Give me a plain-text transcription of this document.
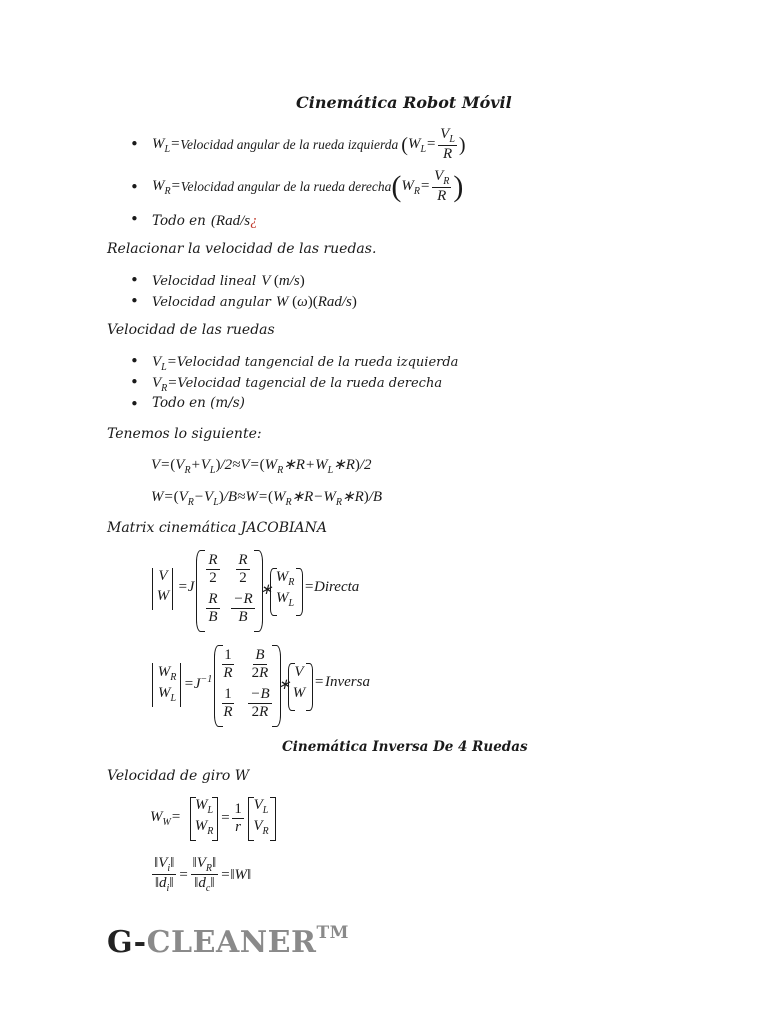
Cinemática Robot Móvil
• $W_L=$ Velocidad angular de la rueda izquierda ( $W_L= \frac{V_L}{R}$ )
• $W_R=$ Velocidad angular de la rueda derecha ( $W_R= \frac{V_R}{R}$ )
• Todo en (Rad/s¿
Relacionar la velocidad de las ruedas.
• Velocidad lineal V (m/s)
• Velocidad angular W (ω)(Rad/s)
Velocidad de las ruedas
• $V_L=Velocidad$ tangencial de la rueda izquierda
• $V_R=Velocidad$ tagencial de la rueda derecha
• Todo en (m/s)
Tenemos lo siguiente:
$V=(V_R+V_L)/2\approx V=(W_R∗R+W_L∗R)/2$
$W=(V_R-V_L)/B\approx W=(W_R∗R-W_R∗R)/B$
Matrix cinemática JACOBIANA
V
W
=J
$\frac{R}{2} \frac{R}{2}$
$\frac{R}{B} \frac{-R}{B}$
∗
$W_R$
$W_L$
= Directa
$W_R$
$W_L$
$=J^{-1} \frac{1}{R} \frac{B}{2R}$
$\frac{1}{R} \frac{-B}{2R}$
∗
V
W
= Inversa
Cinemática Inversa De 4 Ruedas
Velocidad de giro W
$W_W=$
$W_L$
$W_R$
= $\frac{1}{r} V_L$
$V_R$
$\frac{‖V_i‖}{‖d_i‖} = \frac{‖V_R‖}{‖d_c‖}$ =‖W‖
G-CLEANER™
